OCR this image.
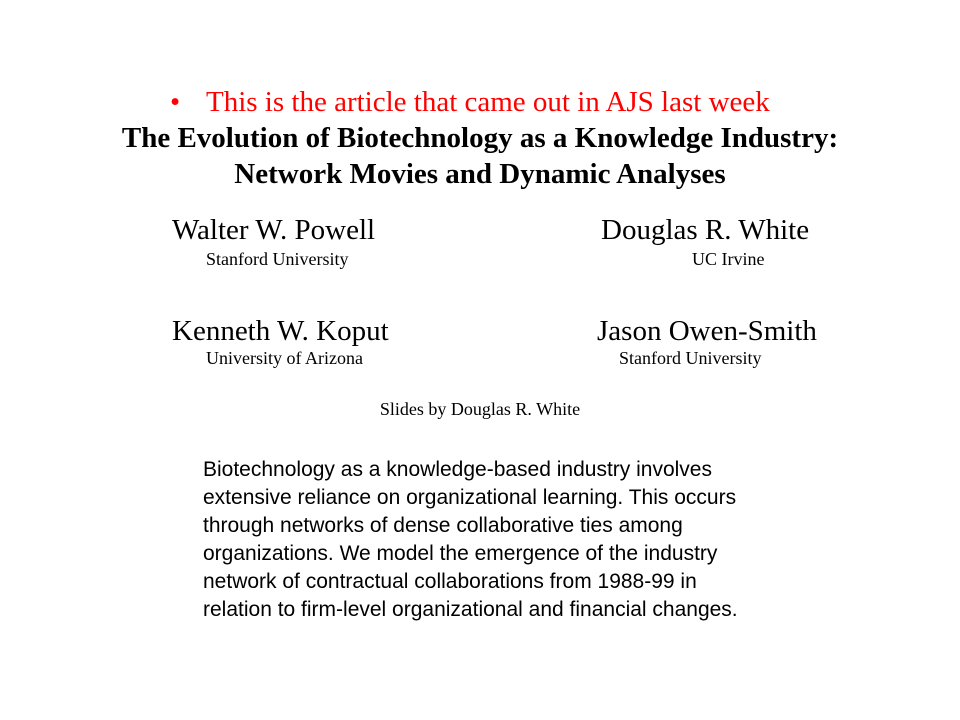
• This is the article that came out in AJS last week
The Evolution of Biotechnology as a Knowledge Industry:
Network Movies and Dynamic Analyses
Walter W. Powell
Stanford University
Douglas R. White
UC Irvine
Kenneth W. Koput
University of Arizona
Jason Owen-Smith
Stanford University
Slides by Douglas R. White
Biotechnology as a knowledge-based industry involves
extensive reliance on organizational learning. This occurs
through networks of dense collaborative ties among
organizations. We model the emergence of the industry
network of contractual collaborations from 1988-99 in
relation to firm-level organizational and financial changes.
